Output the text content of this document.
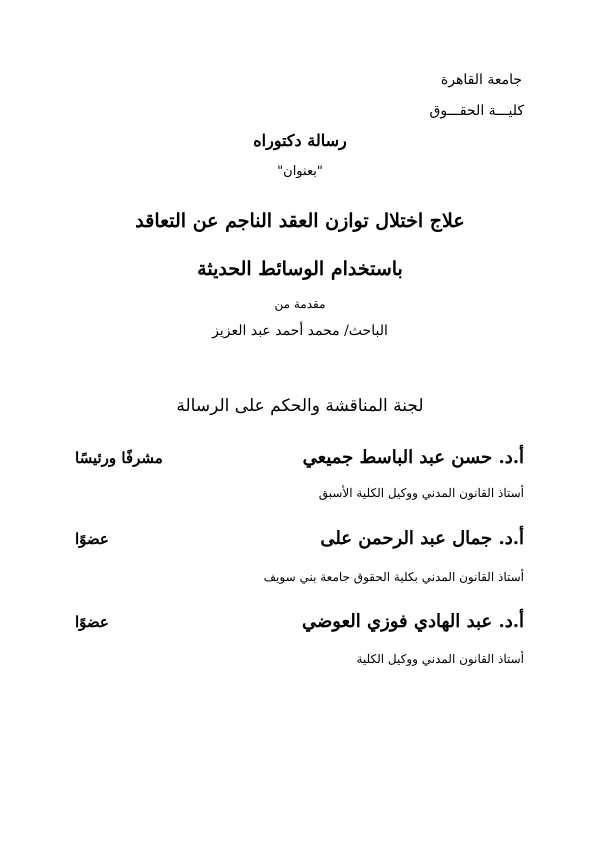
جامعة القاهرة
كليـــة الحقـــوق
رسالة دكتوراه
"بعنوان"
علاج اختلال توازن العقد الناجم عن التعاقد
باستخدام الوسائط الحديثة
مقدمة من
الباحث/ محمد أحمد عبد العزيز
لجنة المناقشة والحكم على الرسالة
أ.د. حسن عبد الباسط جميعي
مشرفًا ورئيسًا
أستاذ القانون المدني ووكيل الكلية الأسبق
أ.د. جمال عبد الرحمن على
عضوًا
أستاذ القانون المدني بكلية الحقوق جامعة بني سويف
أ.د. عبد الهادي فوزي العوضي
عضوًا
أستاذ القانون المدني ووكيل الكلية
